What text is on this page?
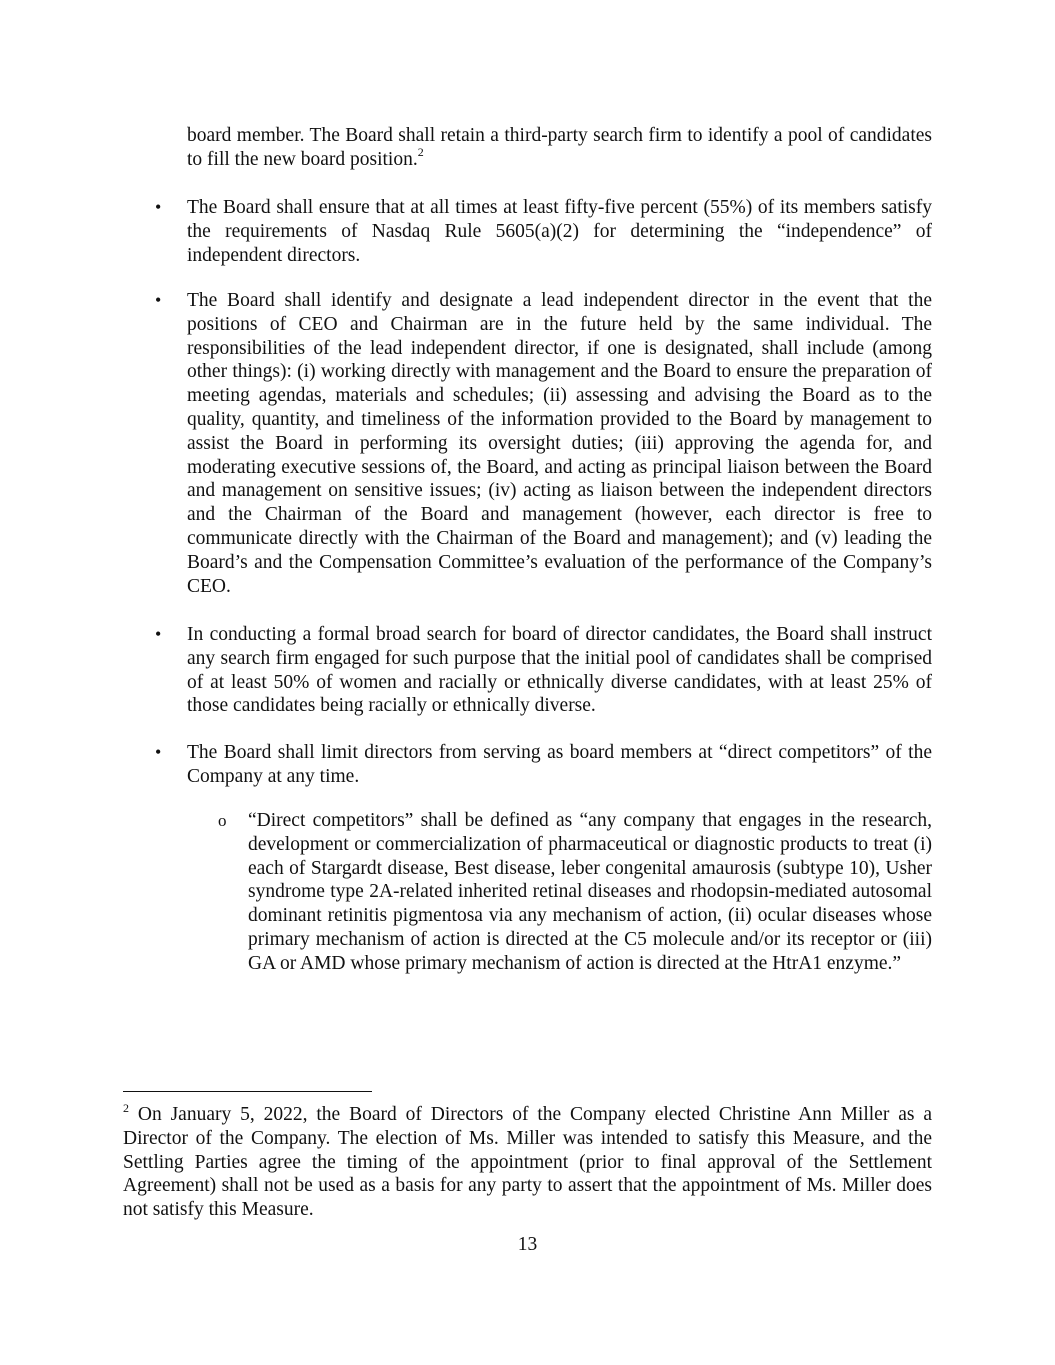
board member. The Board shall retain a third-party search firm to identify a pool of candidates to fill the new board position.$^2$

• The Board shall ensure that at all times at least fifty-five percent (55%) of its members satisfy the requirements of Nasdaq Rule 5605(a)(2) for determining the “independence” of independent directors.

• The Board shall identify and designate a lead independent director in the event that the positions of CEO and Chairman are in the future held by the same individual. The responsibilities of the lead independent director, if one is designated, shall include (among other things): (i) working directly with management and the Board to ensure the preparation of meeting agendas, materials and schedules; (ii) assessing and advising the Board as to the quality, quantity, and timeliness of the information provided to the Board by management to assist the Board in performing its oversight duties; (iii) approving the agenda for, and moderating executive sessions of, the Board, and acting as principal liaison between the Board and management on sensitive issues; (iv) acting as liaison between the independent directors and the Chairman of the Board and management (however, each director is free to communicate directly with the Chairman of the Board and management); and (v) leading the Board’s and the Compensation Committee’s evaluation of the performance of the Company’s CEO.

• In conducting a formal broad search for board of director candidates, the Board shall instruct any search firm engaged for such purpose that the initial pool of candidates shall be comprised of at least 50% of women and racially or ethnically diverse candidates, with at least 25% of those candidates being racially or ethnically diverse.

• The Board shall limit directors from serving as board members at “direct competitors” of the Company at any time.

o “Direct competitors” shall be defined as “any company that engages in the research, development or commercialization of pharmaceutical or diagnostic products to treat (i) each of Stargardt disease, Best disease, leber congenital amaurosis (subtype 10), Usher syndrome type 2A-related inherited retinal diseases and rhodopsin-mediated autosomal dominant retinitis pigmentosa via any mechanism of action, (ii) ocular diseases whose primary mechanism of action is directed at the C5 molecule and/or its receptor or (iii) GA or AMD whose primary mechanism of action is directed at the HtrA1 enzyme.”

$^2$ On January 5, 2022, the Board of Directors of the Company elected Christine Ann Miller as a Director of the Company. The election of Ms. Miller was intended to satisfy this Measure, and the Settling Parties agree the timing of the appointment (prior to final approval of the Settlement Agreement) shall not be used as a basis for any party to assert that the appointment of Ms. Miller does not satisfy this Measure.

13
